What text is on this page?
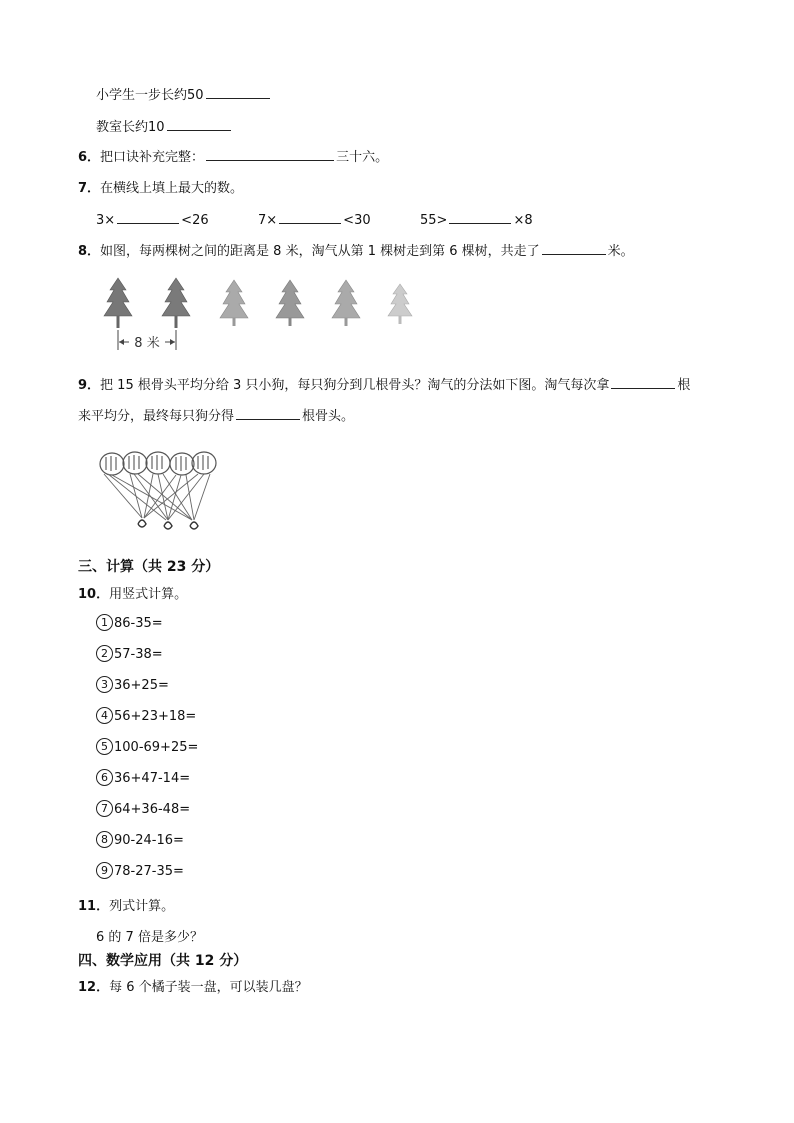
小学生一步长约50
教室长约10
6．把口诀补充完整：	三十六。
7．在横线上填上最大的数。
3×	<26	7×	<30	55>	×8
8．如图，每两棵树之间的距离是 8 米，淘气从第 1 棵树走到第 6 棵树，共走了	米。
8 米
9．把 15 根骨头平均分给 3 只小狗，每只狗分到几根骨头？淘气的分法如下图。淘气每次拿	根
来平均分，最终每只狗分得	根骨头。
三、计算（共 23 分）
10．用竖式计算。
1 86-35=
2 57-38=
3 36+25=
4 56+23+18=
5 100-69+25=
6 36+47-14=
7 64+36-48=
8 90-24-16=
9 78-27-35=
11．列式计算。
6 的 7 倍是多少？
四、数学应用（共 12 分）
12．每 6 个橘子装一盘，可以装几盘？
